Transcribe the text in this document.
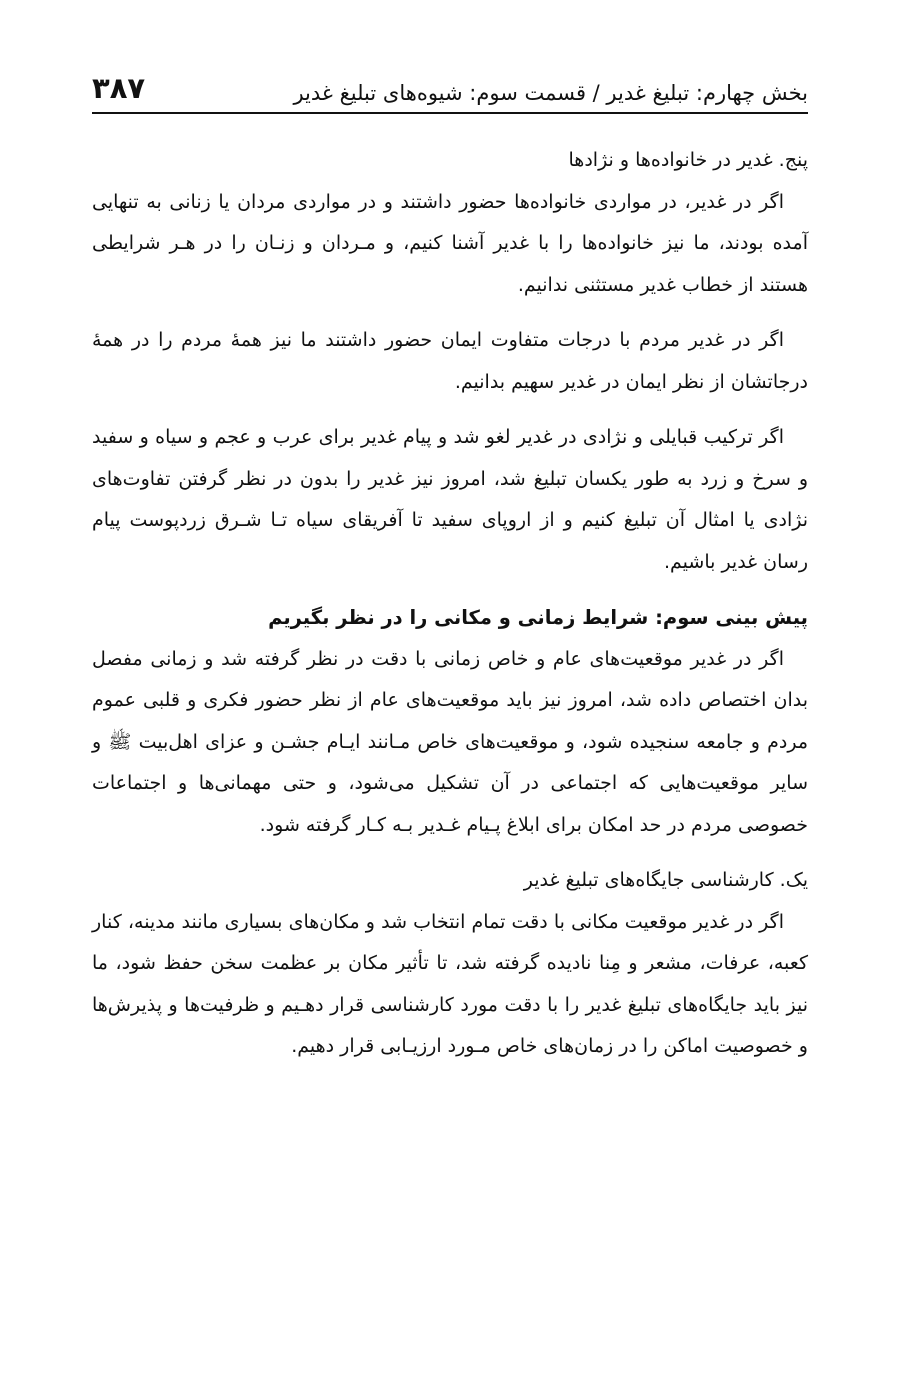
بخش چهارم: تبلیغ غدیر / قسمت سوم: شیوه‌های تبلیغ غدیر
۳۸۷

پنج. غدیر در خانواده‌ها و نژادها

اگر در غدیر، در مواردی خانواده‌ها حضور داشتند و در مواردی مردان یا زنانی به تنهایی آمده بودند، ما نیز خانواده‌ها را با غدیر آشنا کنیم، و مـردان و زنـان را در هـر شرایطی هستند از خطاب غدیر مستثنی ندانیم.

اگر در غدیر مردم با درجات متفاوت ایمان حضور داشتند ما نیز همهٔ مردم را در همهٔ درجاتشان از نظر ایمان در غدیر سهیم بدانیم.

اگر ترکیب قبایلی و نژادی در غدیر لغو شد و پیام غدیر برای عرب و عجم و سیاه و سفید و سرخ و زرد به طور یکسان تبلیغ شد، امروز نیز غدیر را بدون در نظر گرفتن تفاوت‌های نژادی یا امثال آن تبلیغ کنیم و از اروپای سفید تا آفریقای سیاه تـا شـرق زردپوست پیام رسان غدیر باشیم.

پیش بینی سوم: شرایط زمانی و مکانی را در نظر بگیریم

اگر در غدیر موقعیت‌های عام و خاص زمانی با دقت در نظر گرفته شد و زمانی مفصل بدان اختصاص داده شد، امروز نیز باید موقعیت‌های عام از نظر حضور فکری و قلبی عموم مردم و جامعه سنجیده شود، و موقعیت‌های خاص مـانند ایـام جشـن و عزای اهل‌بیت ﷺ و سایر موقعیت‌هایی که اجتماعی در آن تشکیل می‌شود، و حتی مهمانی‌ها و اجتماعات خصوصی مردم در حد امکان برای ابلاغ پـیام غـدیر بـه کـار گرفته شود.

یک. کارشناسی جایگاه‌های تبلیغ غدیر

اگر در غدیر موقعیت مکانی با دقت تمام انتخاب شد و مکان‌های بسیاری مانند مدینه، کنار کعبه، عرفات، مشعر و مِنا نادیده گرفته شد، تا تأثیر مکان بر عظمت سخن حفظ شود، ما نیز باید جایگاه‌های تبلیغ غدیر را با دقت مورد کارشناسی قرار دهـیم و ظرفیت‌ها و پذیرش‌ها و خصوصیت اماکن را در زمان‌های خاص مـورد ارزیـابی قرار دهیم.
